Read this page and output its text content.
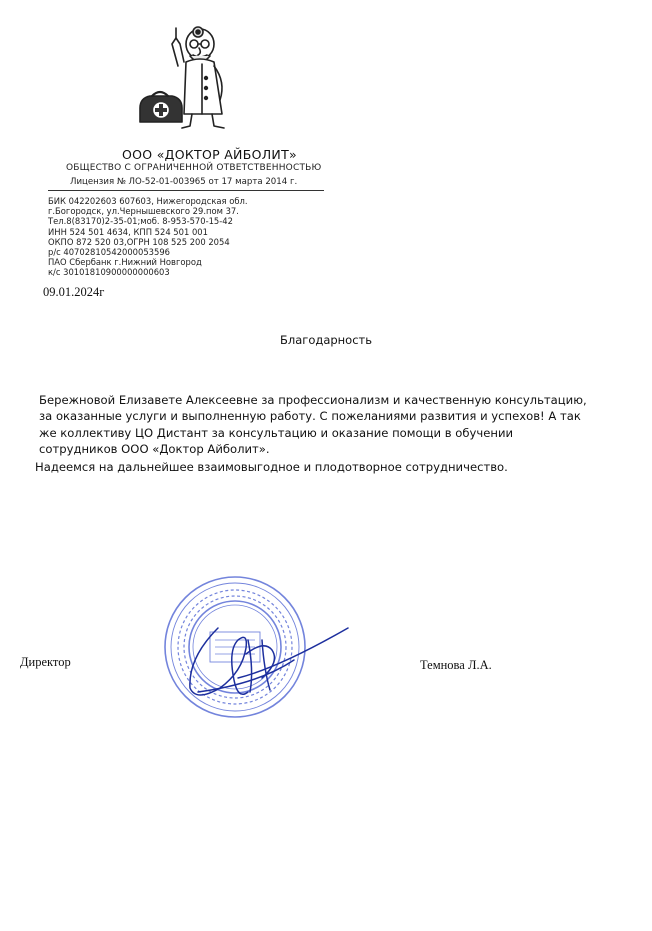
ООО «ДОКТОР АЙБОЛИТ»
ОБЩЕСТВО С ОГРАНИЧЕННОЙ ОТВЕТСТВЕННОСТЬЮ
Лицензия № ЛО-52-01-003965 от 17 марта 2014 г.
БИК 042202603 607603, Нижегородская обл.
г.Богородск, ул.Чернышевского 29.пом 37.
Тел.8(83170)2-35-01;моб. 8-953-570-15-42
ИНН 524 501 4634, КПП 524 501 001
ОКПО 872 520 03,ОГРН 108 525 200 2054
р/с 40702810542000053596
ПАО Сбербанк г.Нижний Новгород
к/с 30101810900000000603
09.01.2024г
Благодарность
Бережновой Елизавете Алексеевне за профессионализм и качественную консультацию,
за оказанные услуги и выполненную работу. С пожеланиями развития и успехов! А так
же коллективу ЦО Дистант за консультацию и оказание помощи в обучении
сотрудников ООО «Доктор Айболит».
Надеемся на дальнейшее взаимовыгодное и плодотворное сотрудничество.
Директор	Темнова Л.А.
